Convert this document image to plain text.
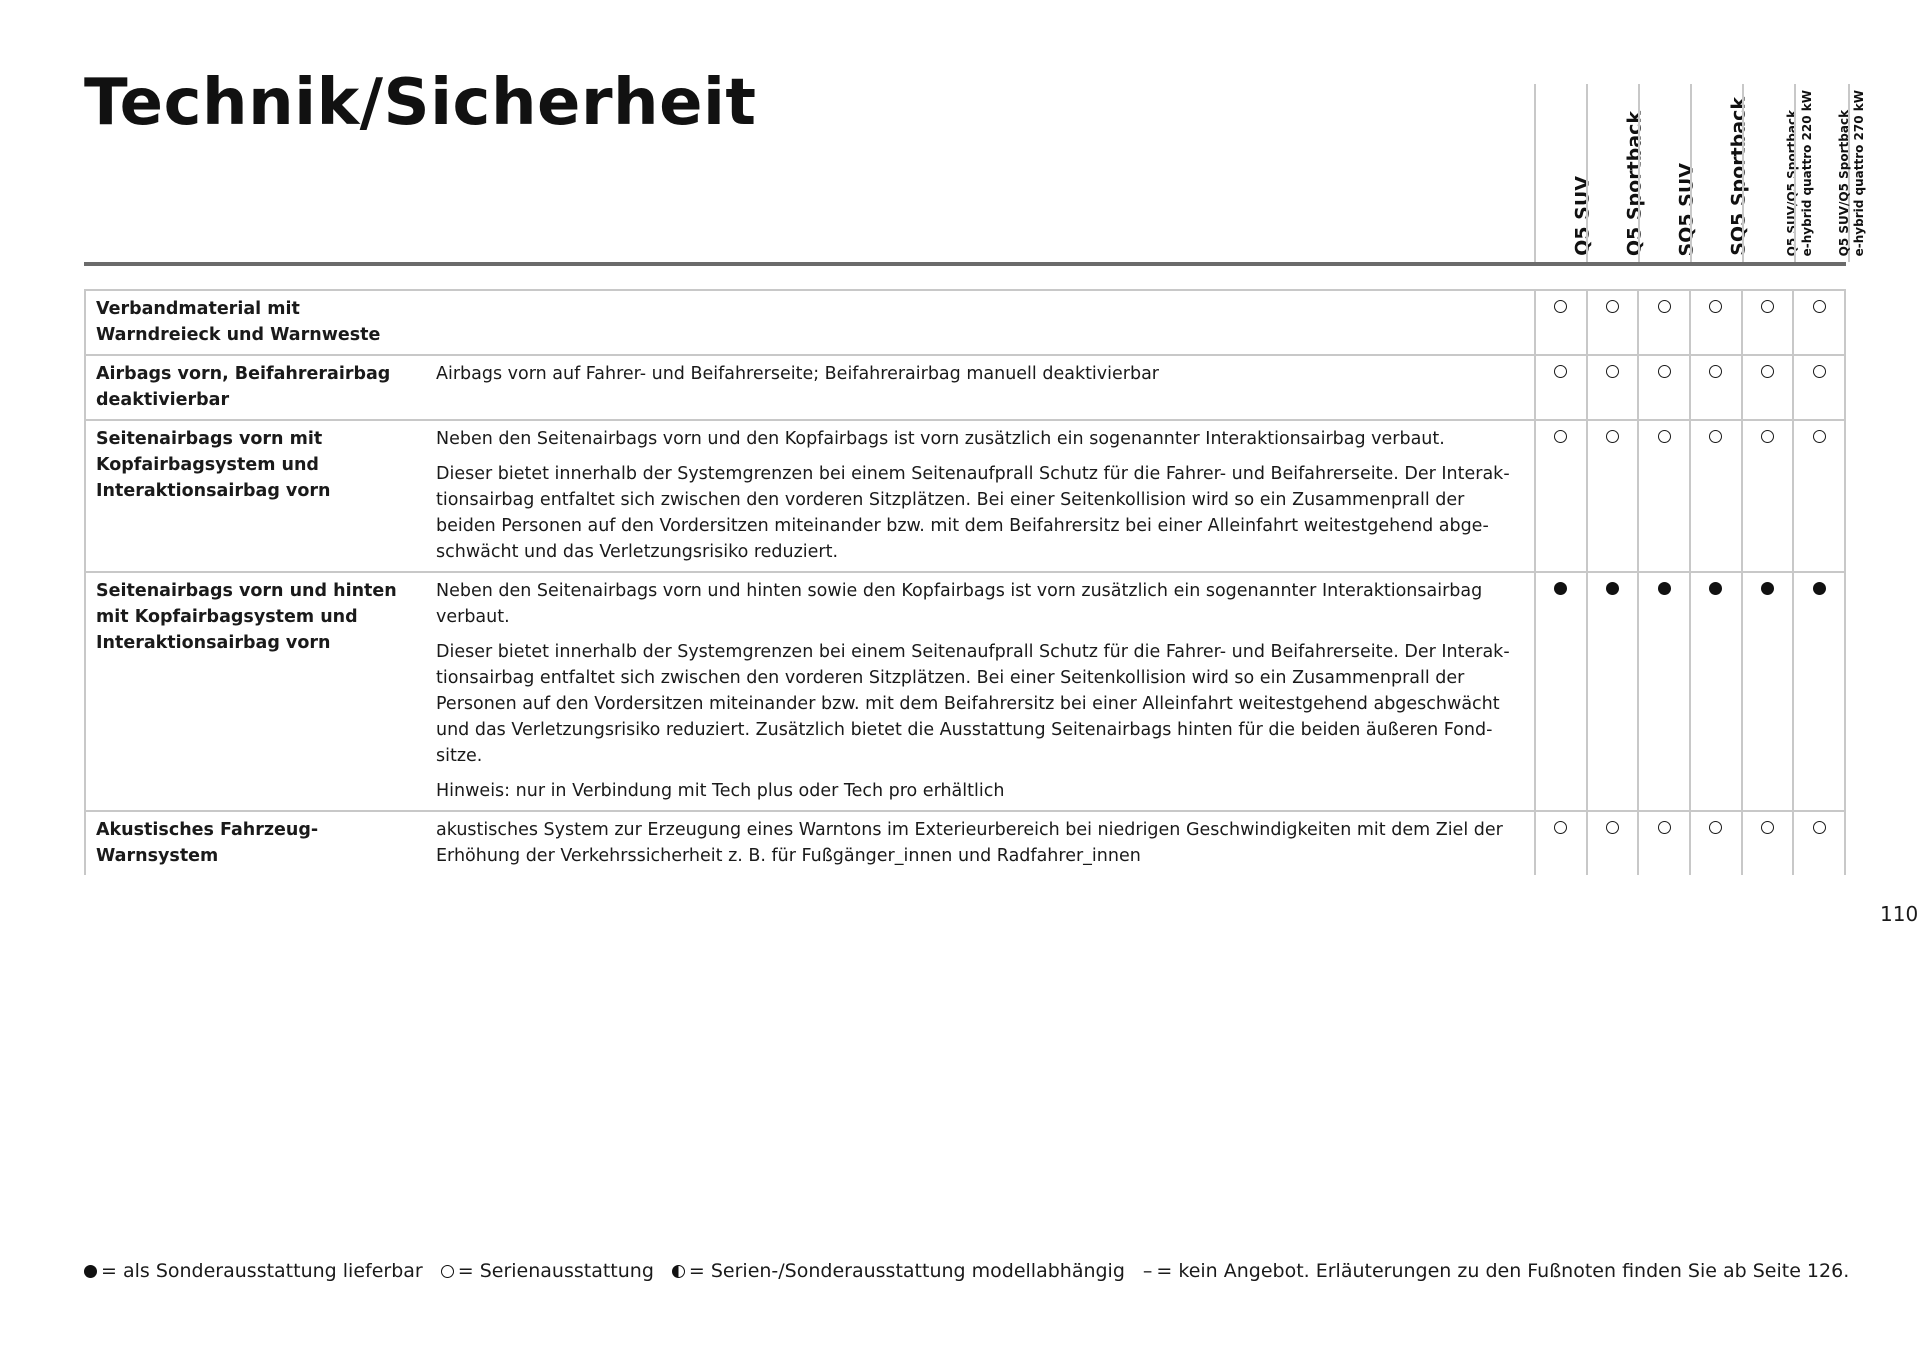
Technik/Sicherheit
Q5 SUV Q5 Sportback SQ5 SUV SQ5 Sportback	Q5 SUV/Q5 Sportback e-hybrid quattro 220 kW Q5 SUV/Q5 Sportback e-hybrid quattro 270 kW
Verbandmaterial mit Warndreieck und Warnweste
Airbags vorn, Beifahrerairbag deaktivierbar

Airbags vorn auf Fahrer- und Beifahrerseite; Beifahrerairbag manuell deaktivierbar

Seitenairbags vorn mit Kopfairbagsystem und Interaktionsairbag vorn

Neben den Seitenairbags vorn und den Kopfairbags ist vorn zusätzlich ein sogenannter Interaktionsairbag verbaut.

Dieser bietet innerhalb der Systemgrenzen bei einem Seitenaufprall Schutz für die Fahrer- und Beifahrerseite. Der Interaktionsairbag entfaltet sich zwischen den vorderen Sitzplätzen. Bei einer Seitenkollision wird so ein Zusammenprall der beiden Personen auf den Vordersitzen miteinander bzw. mit dem Beifahrersitz bei einer Alleinfahrt weitestgehend abgeschwächt und das Verletzungsrisiko reduziert.

Seitenairbags vorn und hinten mit Kopfairbagsystem und Interaktionsairbag vorn

Neben den Seitenairbags vorn und hinten sowie den Kopfairbags ist vorn zusätzlich ein sogenannter Interaktionsairbag verbaut.

Dieser bietet innerhalb der Systemgrenzen bei einem Seitenaufprall Schutz für die Fahrer- und Beifahrerseite. Der Interaktionsairbag entfaltet sich zwischen den vorderen Sitzplätzen. Bei einer Seitenkollision wird so ein Zusammenprall der Personen auf den Vordersitzen miteinander bzw. mit dem Beifahrersitz bei einer Alleinfahrt weitestgehend abgeschwächt und das Verletzungsrisiko reduziert. Zusätzlich bietet die Ausstattung Seitenairbags hinten für die beiden äußeren Fondsitze.

Hinweis: nur in Verbindung mit Tech plus oder Tech pro erhältlich

Akustisches Fahrzeug-Warnsystem

akustisches System zur Erzeugung eines Warntons im Exterieurbereich bei niedrigen Geschwindigkeiten mit dem Ziel der Erhöhung der Verkehrssicherheit z. B. für Fußgänger_innen und Radfahrer_innen

110
= als Sonderausstattung lieferbar = Serienausstattung = Serien-/Sonderausstattung modellabhängig – = kein Angebot. Erläuterungen zu den Fußnoten finden Sie ab Seite 126.
